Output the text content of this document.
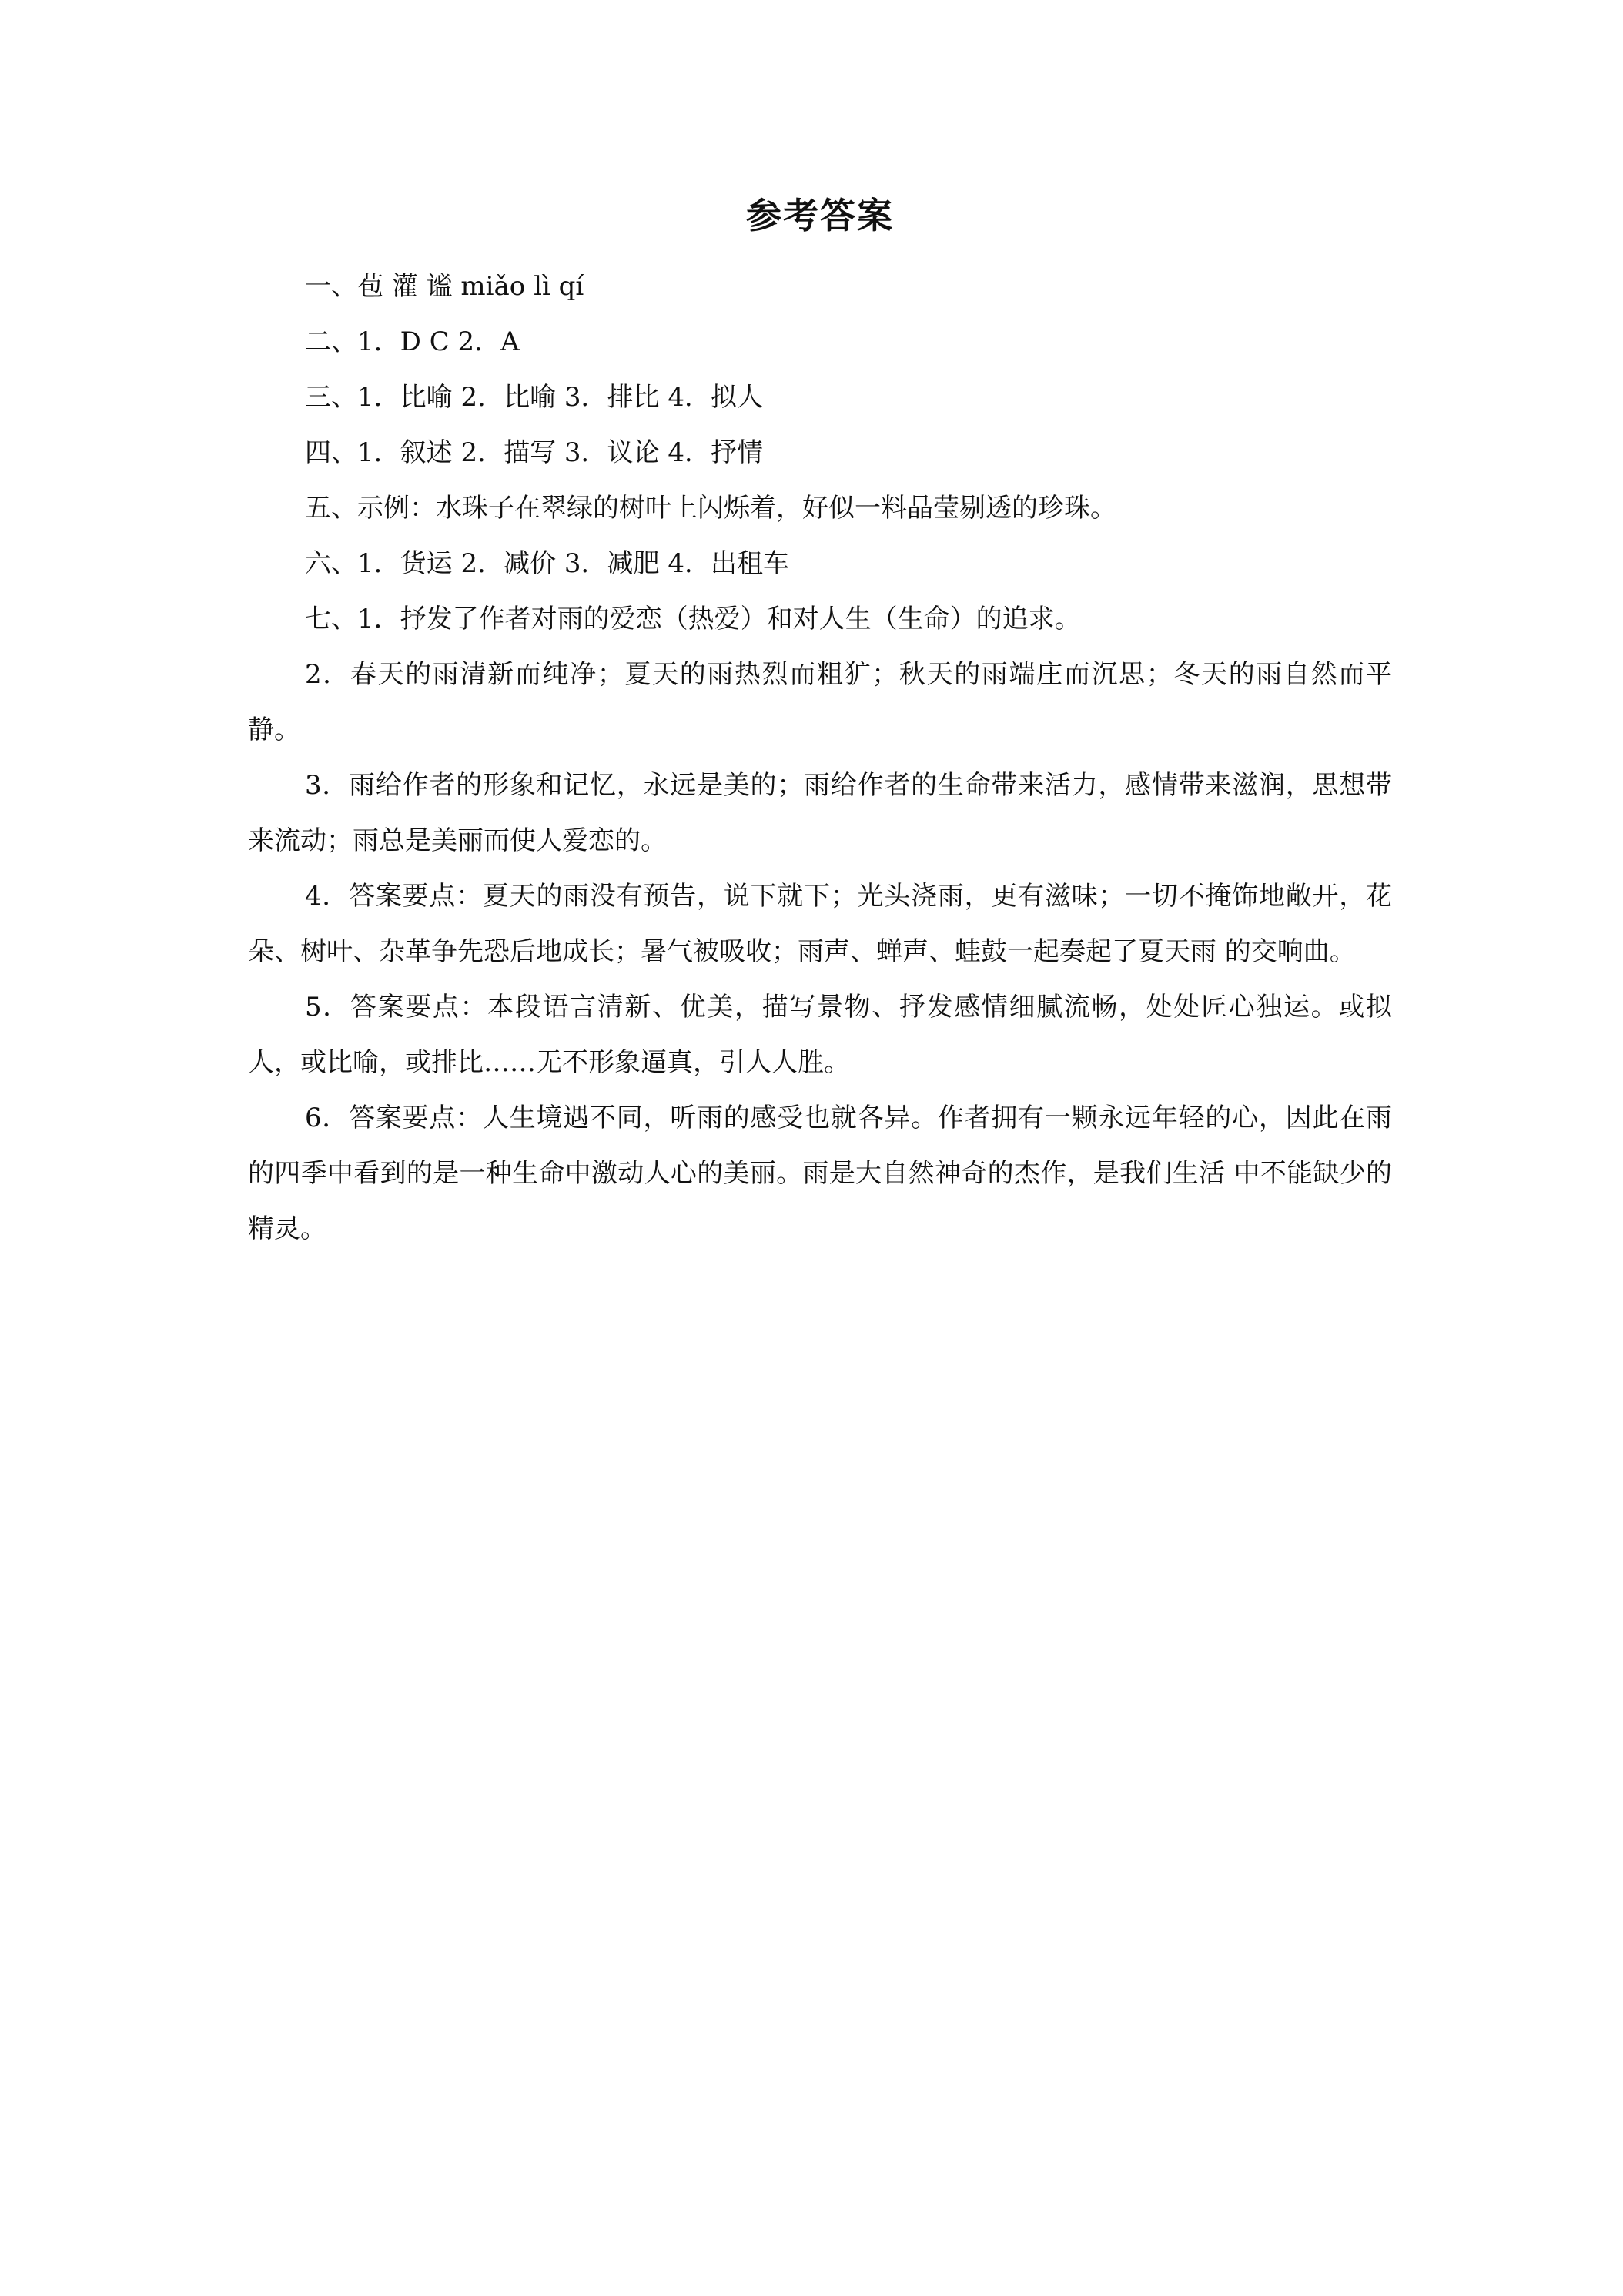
参考答案

一、苞 灌 谧 miǎo lì qí

二、1．D C 2．A

三、1．比喻 2．比喻 3．排比 4．拟人

四、1．叙述 2．描写 3．议论 4．抒情

五、示例：水珠子在翠绿的树叶上闪烁着，好似一料晶莹剔透的珍珠。

六、1．货运 2．减价 3．减肥 4．出租车

七、1．抒发了作者对雨的爱恋（热爱）和对人生（生命）的追求。

2．春天的雨清新而纯净；夏天的雨热烈而粗犷；秋天的雨端庄而沉思；冬天的雨自然而平静。

3．雨给作者的形象和记忆，永远是美的；雨给作者的生命带来活力，感情带来滋润，思想带来流动；雨总是美丽而使人爱恋的。

4．答案要点：夏天的雨没有预告，说下就下；光头浇雨，更有滋味；一切不掩饰地敞开，花朵、树叶、杂革争先恐后地成长；暑气被吸收；雨声、蝉声、蛙鼓一起奏起了夏天雨 的交响曲。

5．答案要点：本段语言清新、优美，描写景物、抒发感情细腻流畅，处处匠心独运。或拟人，或比喻，或排比……无不形象逼真，引人人胜。

6．答案要点：人生境遇不同，听雨的感受也就各异。作者拥有一颗永远年轻的心，因此在雨的四季中看到的是一种生命中激动人心的美丽。雨是大自然神奇的杰作，是我们生活 中不能缺少的精灵。
